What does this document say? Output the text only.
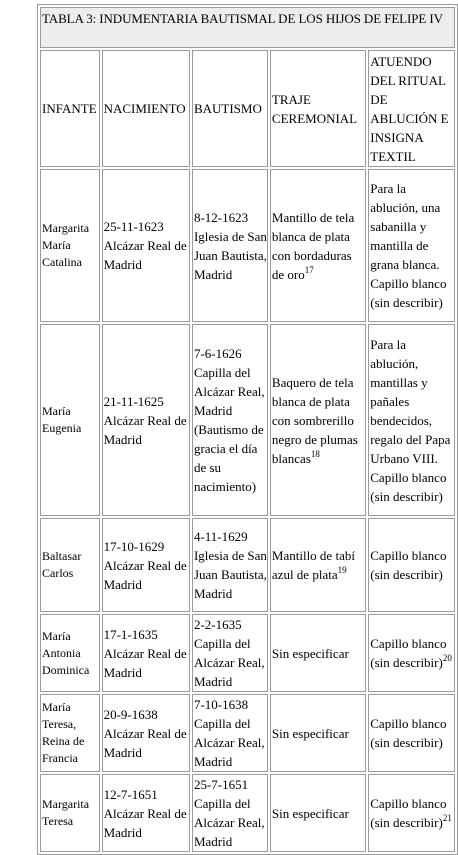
TABLA 3: INDUMENTARIA BAUTISMAL DE LOS HIJOS DE FELIPE IV				
INFANTE	NACIMIENTO	BAUTISMO	TRAJE CEREMONIAL	ATUENDO DEL RITUAL DE ABLUCIÓN E INSIGNA TEXTIL
Margarita María Catalina	25-11-1623 Alcázar Real de Madrid	8-12-1623 Iglesia de San Juan Bautista, Madrid	Mantillo de tela blanca de plata con bordaduras de oro$^{17}$	Para la ablución, una sabanilla y mantilla de grana blanca. Capillo blanco (sin describir)
María Eugenia	21-11-1625 Alcázar Real de Madrid	7-6-1626 Capilla del Alcázar Real, Madrid (Bautismo de gracia el día de su nacimiento)	Baquero de tela blanca de plata con sombrerillo negro de plumas blancas$^{18}$	Para la ablución, mantillas y pañales bendecidos, regalo del Papa Urbano VIII. Capillo blanco (sin describir)
Baltasar Carlos	17-10-1629 Alcázar Real de Madrid	4-11-1629 Iglesia de San Juan Bautista, Madrid	Mantillo de tabí azul de plata$^{19}$	Capillo blanco (sin describir)
María Antonia Dominica	17-1-1635 Alcázar Real de Madrid	2-2-1635 Capilla del Alcázar Real, Madrid	Sin especificar	Capillo blanco (sin describir)$^{20}$
María Teresa, Reina de Francia	20-9-1638 Alcázar Real de Madrid	7-10-1638 Capilla del Alcázar Real, Madrid	Sin especificar	Capillo blanco (sin describir)
Margarita Teresa	12-7-1651 Alcázar Real de Madrid	25-7-1651 Capilla del Alcázar Real, Madrid	Sin especificar	Capillo blanco (sin describir)$^{21}$
